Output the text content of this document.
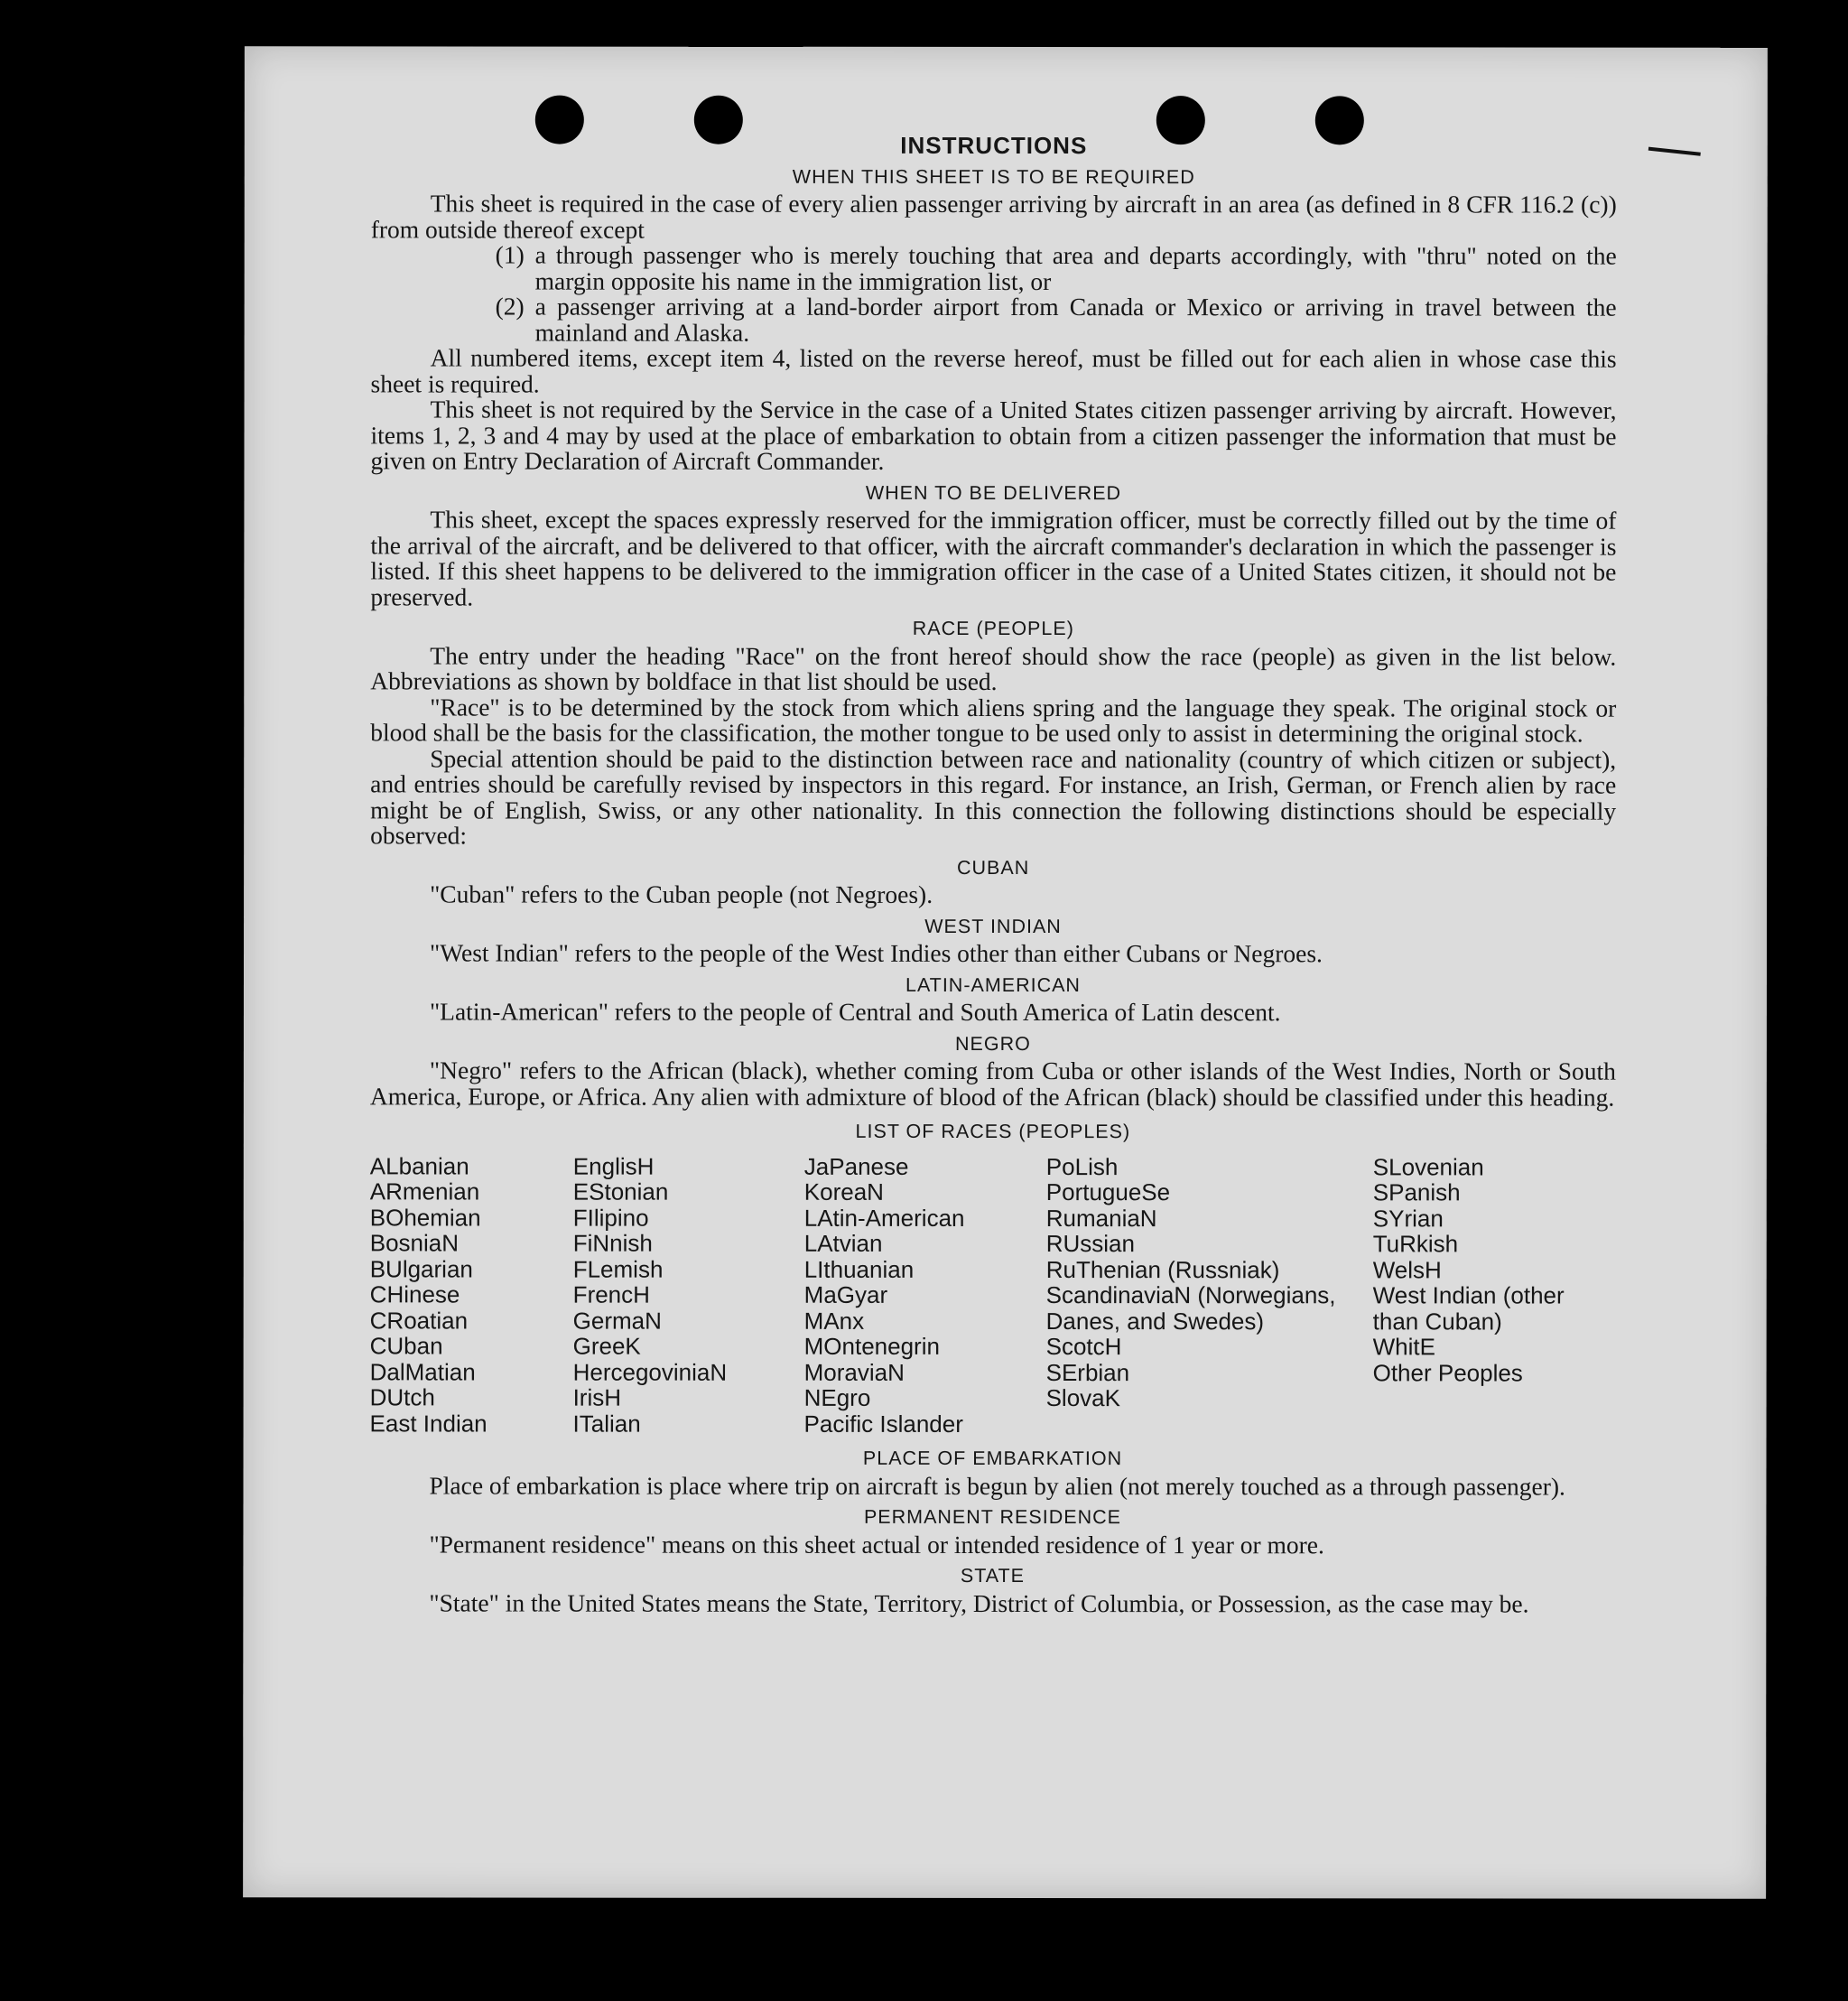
INSTRUCTIONS
WHEN THIS SHEET IS TO BE REQUIRED

This sheet is required in the case of every alien passenger arriving by aircraft in an area (as defined in 8 CFR 116.2 (c)) from outside thereof except

(1) a through passenger who is merely touching that area and departs accordingly, with "thru" noted on the margin opposite his name in the immigration list, or
(2) a passenger arriving at a land-border airport from Canada or Mexico or arriving in travel between the mainland and Alaska.

All numbered items, except item 4, listed on the reverse hereof, must be filled out for each alien in whose case this sheet is required.

This sheet is not required by the Service in the case of a United States citizen passenger arriving by aircraft. However, items 1, 2, 3 and 4 may by used at the place of embarkation to obtain from a citizen passenger the information that must be given on Entry Declaration of Aircraft Commander.

WHEN TO BE DELIVERED

This sheet, except the spaces expressly reserved for the immigration officer, must be correctly filled out by the time of the arrival of the aircraft, and be delivered to that officer, with the aircraft commander's declaration in which the passenger is listed. If this sheet happens to be delivered to the immigration officer in the case of a United States citizen, it should not be preserved.

RACE (PEOPLE)

The entry under the heading "Race" on the front hereof should show the race (people) as given in the list below. Abbreviations as shown by boldface in that list should be used.

"Race" is to be determined by the stock from which aliens spring and the language they speak. The original stock or blood shall be the basis for the classification, the mother tongue to be used only to assist in determining the original stock.

Special attention should be paid to the distinction between race and nationality (country of which citizen or subject), and entries should be carefully revised by inspectors in this regard. For instance, an Irish, German, or French alien by race might be of English, Swiss, or any other nationality. In this connection the following distinctions should be especially observed:

CUBAN

"Cuban" refers to the Cuban people (not Negroes).

WEST INDIAN

"West Indian" refers to the people of the West Indies other than either Cubans or Negroes.

LATIN-AMERICAN

"Latin-American" refers to the people of Central and South America of Latin descent.

NEGRO

"Negro" refers to the African (black), whether coming from Cuba or other islands of the West Indies, North or South America, Europe, or Africa. Any alien with admixture of blood of the African (black) should be classified under this heading.

LIST OF RACES (PEOPLES)
ALbanian
ARmenian
BOhemian
BosniaN
BUlgarian
CHinese
CRoatian
CUban
DalMatian
DUtch
East Indian
EnglisH
EStonian
FIlipino
FiNnish
FLemish
FrencH
GermaN
GreeK
HercegoviniaN
IrisH
ITalian
JaPanese
KoreaN
LAtin-American
LAtvian
LIthuanian
MaGyar
MAnx
MOntenegrin
MoraviaN
NEgro
Pacific Islander
PoLish
PortugueSe
RumaniaN
RUssian
RuThenian (Russniak)
ScandinaviaN (Norwegians, Danes, and Swedes)
ScotcH
SErbian
SlovaK
SLovenian
SPanish
SYrian
TuRkish
WelsH
West Indian (other than Cuban)
WhitE
Other Peoples
PLACE OF EMBARKATION

Place of embarkation is place where trip on aircraft is begun by alien (not merely touched as a through passenger).

PERMANENT RESIDENCE

"Permanent residence" means on this sheet actual or intended residence of 1 year or more.

STATE

"State" in the United States means the State, Territory, District of Columbia, or Possession, as the case may be.
